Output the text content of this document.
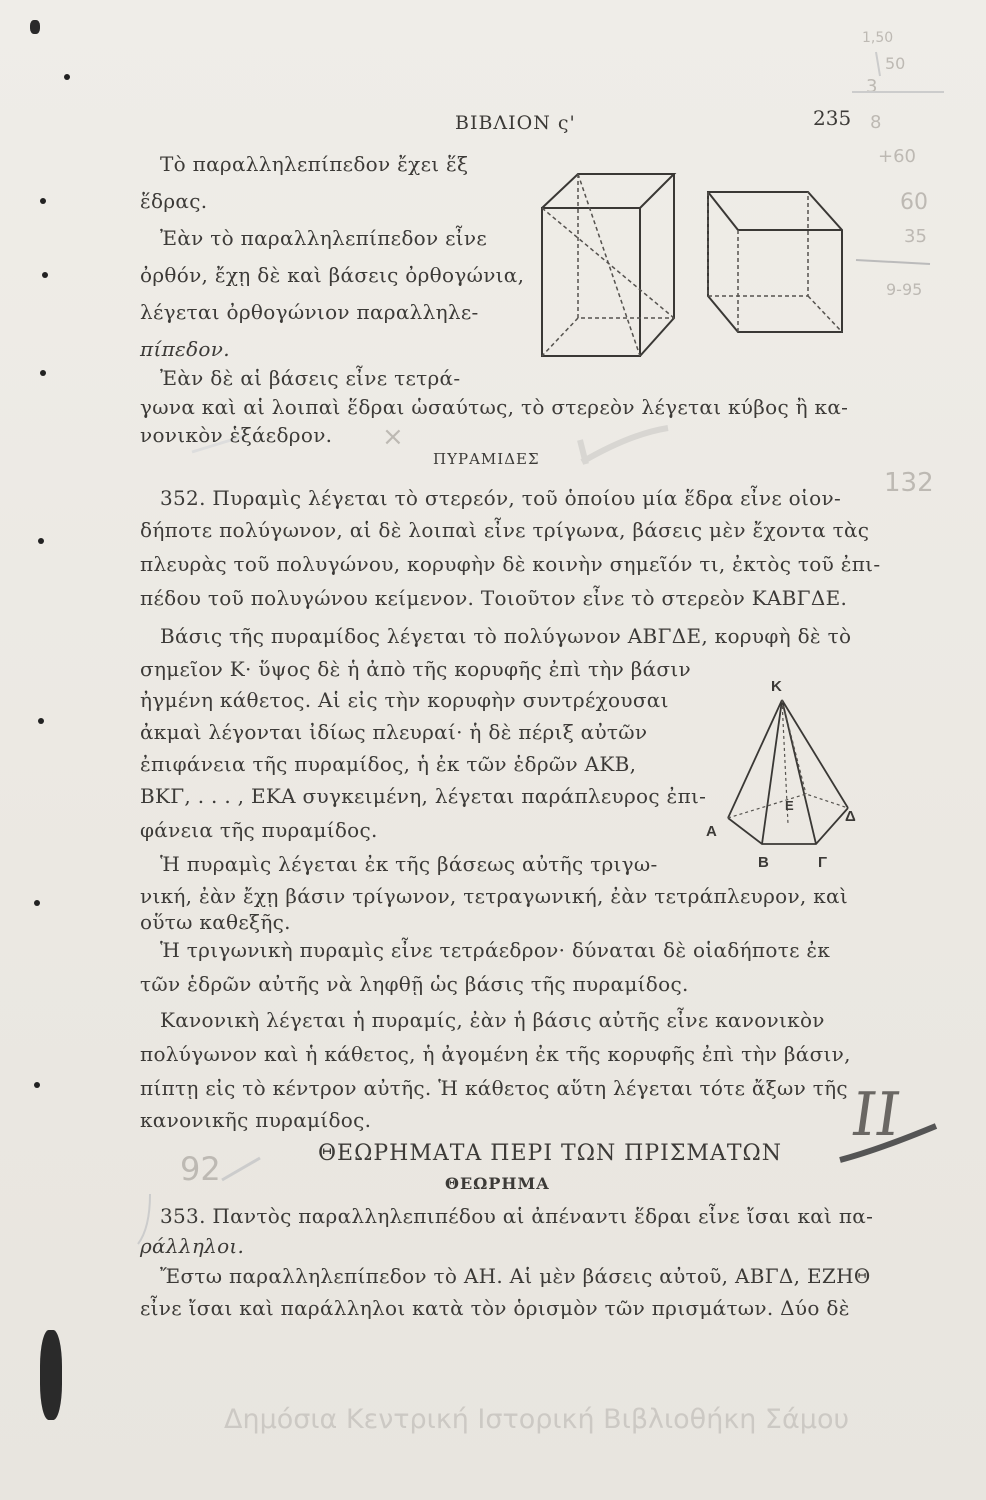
ΒΙΒΛΙΟΝ ς'	235
1,50
50
3
8
+60
60
35
9-95
132
92
×
II
K
A
B	Γ
Δ
E
Τὸ παραλληλεπίπεδον ἔχει ἕξ
ἕδρας.
Ἐὰν τὸ παραλληλεπίπεδον εἶνε
ὀρθόν, ἔχῃ δὲ καὶ βάσεις ὀρθογώνια,
λέγεται ὀρθογώνιον παραλληλε-
πίπεδον.
Ἐὰν δὲ αἱ βάσεις εἶνε τετρά-
γωνα καὶ αἱ λοιπαὶ ἕδραι ὡσαύτως, τὸ στερεὸν λέγεται κύβος ἢ κα-
νονικὸν ἑξάεδρον.
ΠΥΡΑΜΙΔΕΣ
352. Πυραμὶς λέγεται τὸ στερεόν, τοῦ ὁποίου μία ἕδρα εἶνε οἱον-
δήποτε πολύγωνον, αἱ δὲ λοιπαὶ εἶνε τρίγωνα, βάσεις μὲν ἔχοντα τὰς
πλευρὰς τοῦ πολυγώνου, κορυφὴν δὲ κοινὴν σημεῖόν τι, ἐκτὸς τοῦ ἐπι-
πέδου τοῦ πολυγώνου κείμενον. Τοιοῦτον εἶνε τὸ στερεὸν ΚΑΒΓΔΕ.
Βάσις τῆς πυραμίδος λέγεται τὸ πολύγωνον ΑΒΓΔΕ, κορυφὴ δὲ τὸ
σημεῖον Κ· ὕψος δὲ ἡ ἀπὸ τῆς κορυφῆς ἐπὶ τὴν βάσιν
ἠγμένη κάθετος. Αἱ εἰς τὴν κορυφὴν συντρέχουσαι
ἀκμαὶ λέγονται ἰδίως πλευραί· ἡ δὲ πέριξ αὐτῶν
ἐπιφάνεια τῆς πυραμίδος, ἡ ἐκ τῶν ἑδρῶν ΑΚΒ,
ΒΚΓ, . . . , ΕΚΑ συγκειμένη, λέγεται παράπλευρος ἐπι-
φάνεια τῆς πυραμίδος.
Ἡ πυραμὶς λέγεται ἐκ τῆς βάσεως αὐτῆς τριγω-
νική, ἐὰν ἔχῃ βάσιν τρίγωνον, τετραγωνική, ἐὰν τετράπλευρον, καὶ
οὕτω καθεξῆς.
Ἡ τριγωνικὴ πυραμὶς εἶνε τετράεδρον· δύναται δὲ οἱαδήποτε ἐκ
τῶν ἑδρῶν αὐτῆς νὰ ληφθῇ ὡς βάσις τῆς πυραμίδος.
Κανονικὴ λέγεται ἡ πυραμίς, ἐὰν ἡ βάσις αὐτῆς εἶνε κανονικὸν
πολύγωνον καὶ ἡ κάθετος, ἡ ἀγομένη ἐκ τῆς κορυφῆς ἐπὶ τὴν βάσιν,
πίπτῃ εἰς τὸ κέντρον αὐτῆς. Ἡ κάθετος αὕτη λέγεται τότε ἄξων τῆς
κανονικῆς πυραμίδος.
ΘΕΩΡΗΜΑΤΑ ΠΕΡΙ ΤΩΝ ΠΡΙΣΜΑΤΩΝ
ΘΕΩΡΗΜΑ
353. Παντὸς παραλληλεπιπέδου αἱ ἀπέναντι ἕδραι εἶνε ἴσαι καὶ πα-
ράλληλοι.
Ἔστω παραλληλεπίπεδον τὸ ΑΗ. Αἱ μὲν βάσεις αὐτοῦ, ΑΒΓΔ, ΕΖΗΘ
εἶνε ἴσαι καὶ παράλληλοι κατὰ τὸν ὁρισμὸν τῶν πρισμάτων. Δύο δὲ
Δημόσια Κεντρική Ιστορική Βιβλιοθήκη Σάμου
